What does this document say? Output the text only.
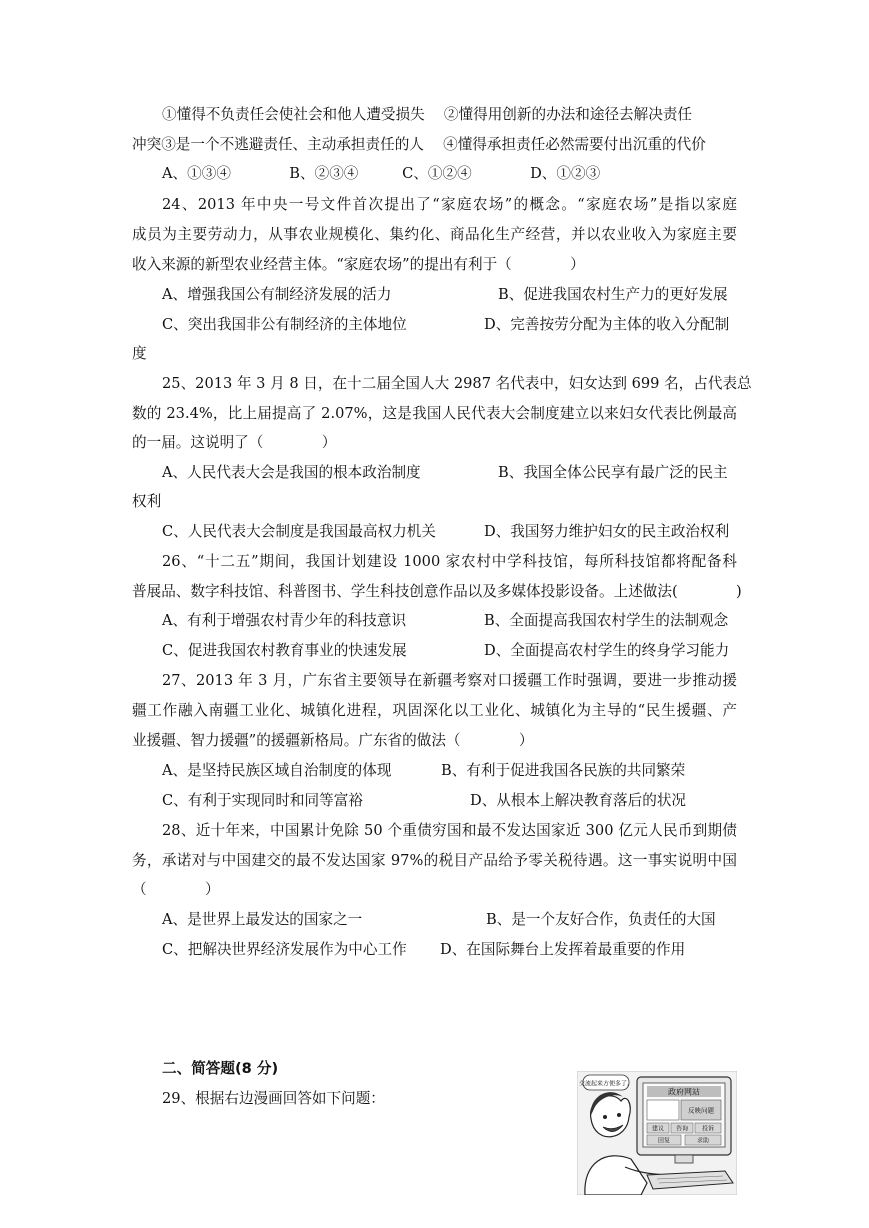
①懂得不负责任会使社会和他人遭受损失　 ②懂得用创新的办法和途径去解决责任
冲突③是一个不逃避责任、主动承担责任的人　 ④懂得承担责任必然需要付出沉重的代价
A、①③④　　　　B、②③④　　　C、①②④　　　　D、①②③
24、2013 年中央一号文件首次提出了“家庭农场”的概念。“家庭农场”是指以家庭
成员为主要劳动力，从事农业规模化、集约化、商品化生产经营，并以农业收入为家庭主要
收入来源的新型农业经营主体。“家庭农场”的提出有利于（　　　　）
A、增强我国公有制经济发展的活力	B、促进我国农村生产力的更好发展
C、突出我国非公有制经济的主体地位	D、完善按劳分配为主体的收入分配制
度
25、2013 年 3 月 8 日，在十二届全国人大 2987 名代表中，妇女达到 699 名，占代表总
数的 23.4%，比上届提高了 2.07%，这是我国人民代表大会制度建立以来妇女代表比例最高
的一届。这说明了（　　　　）
A、人民代表大会是我国的根本政治制度	B、我国全体公民享有最广泛的民主
权利
C、人民代表大会制度是我国最高权力机关	D、我国努力维护妇女的民主政治权利
26、“十二五”期间，我国计划建设 1000 家农村中学科技馆，每所科技馆都将配备科
普展品、数字科技馆、科普图书、学生科技创意作品以及多媒体投影设备。上述做法(　　　　)
A、有利于增强农村青少年的科技意识	B、全面提高我国农村学生的法制观念
C、促进我国农村教育事业的快速发展	D、全面提高农村学生的终身学习能力
27、2013 年 3 月，广东省主要领导在新疆考察对口援疆工作时强调，要进一步推动援
疆工作融入南疆工业化、城镇化进程，巩固深化以工业化、城镇化为主导的“民生援疆、产
业援疆、智力援疆”的援疆新格局。广东省的做法（　　　　）
A、是坚持民族区域自治制度的体现	B、有利于促进我国各民族的共同繁荣
C、有利于实现同时和同等富裕	D、从根本上解决教育落后的状况
28、近十年来，中国累计免除 50 个重债穷国和最不发达国家近 300 亿元人民币到期债
务，承诺对与中国建交的最不发达国家 97%的税目产品给予零关税待遇。这一事实说明中国
（　　　　）
A、是世界上最发达的国家之一	B、是一个友好合作，负责任的大国
C、把解决世界经济发展作为中心工作	D、在国际舞台上发挥着最重要的作用
二、简答题(8 分)
29、根据右边漫画回答如下问题：
交流起来方便多了。
政府网站
反映问题
建议 咨询 投诉
回复	求助
